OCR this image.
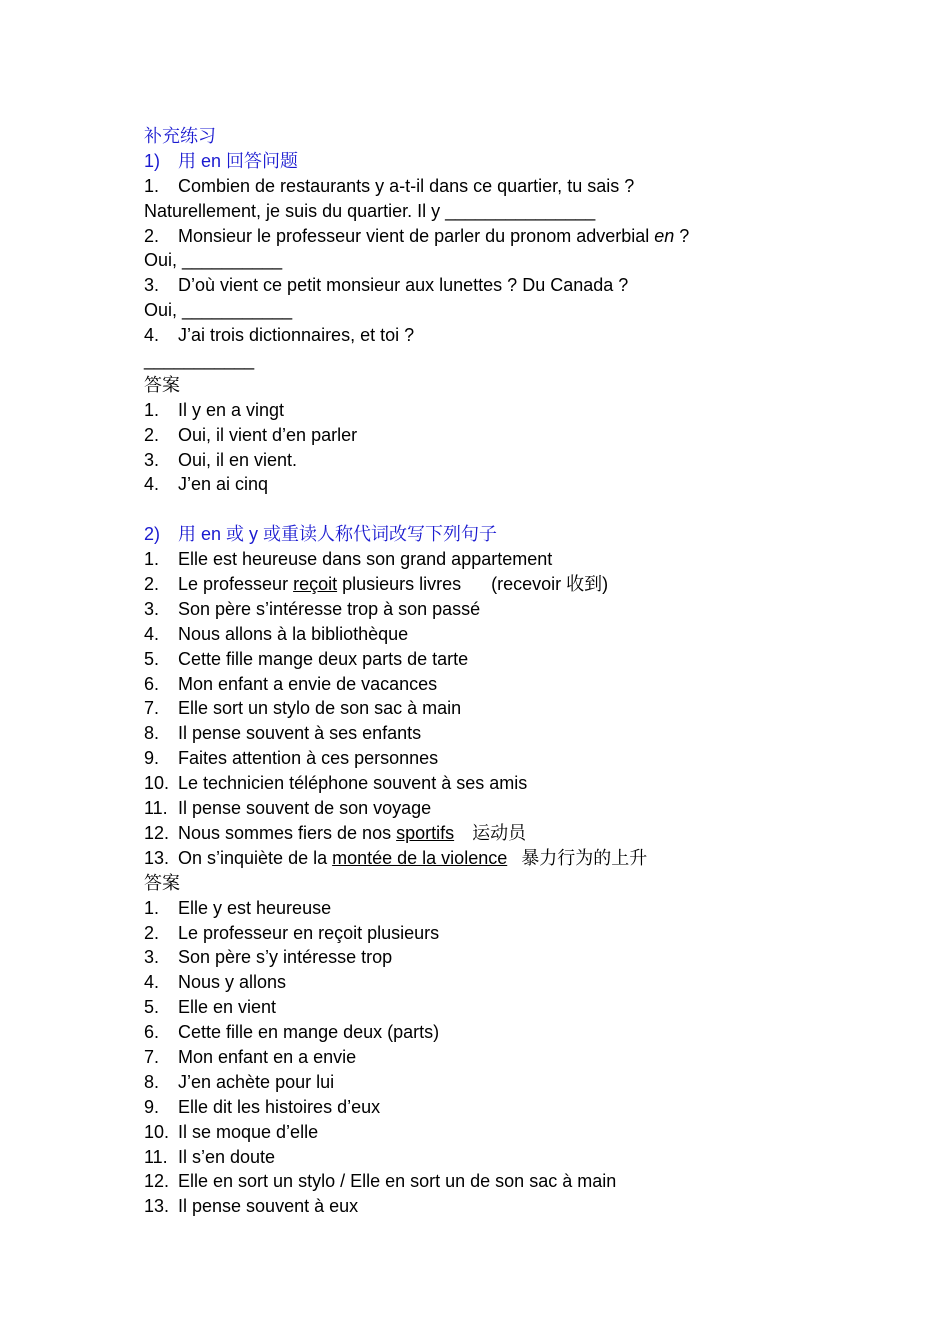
补充练习
1) 用 en 回答问题
1. Combien de restaurants y a-t-il dans ce quartier, tu sais ?
Naturellement, je suis du quartier. Il y _______________
2. Monsieur le professeur vient de parler du pronom adverbial en ?
Oui, __________
3. D’où vient ce petit monsieur aux lunettes ? Du Canada ?
Oui, ___________
4. J’ai trois dictionnaires, et toi ?
___________
答案
1. Il y en a vingt
2. Oui, il vient d’en parler
3. Oui, il en vient.
4. J’en ai cinq
2) 用 en 或 y 或重读人称代词改写下列句子
1. Elle est heureuse dans son grand appartement
2. Le professeur reçoit plusieurs livres (recevoir 收到)
3. Son père s’intéresse trop à son passé
4. Nous allons à la bibliothèque
5. Cette fille mange deux parts de tarte
6. Mon enfant a envie de vacances
7. Elle sort un stylo de son sac à main
8. Il pense souvent à ses enfants
9. Faites attention à ces personnes
10. Le technicien téléphone souvent à ses amis
11. Il pense souvent de son voyage
12. Nous sommes fiers de nos sportifs 运动员
13. On s’inquiète de la montée de la violence 暴力行为的上升
答案
1. Elle y est heureuse
2. Le professeur en reçoit plusieurs
3. Son père s’y intéresse trop
4. Nous y allons
5. Elle en vient
6. Cette fille en mange deux (parts)
7. Mon enfant en a envie
8. J’en achète pour lui
9. Elle dit les histoires d’eux
10. Il se moque d’elle
11. Il s’en doute
12. Elle en sort un stylo / Elle en sort un de son sac à main
13. Il pense souvent à eux
